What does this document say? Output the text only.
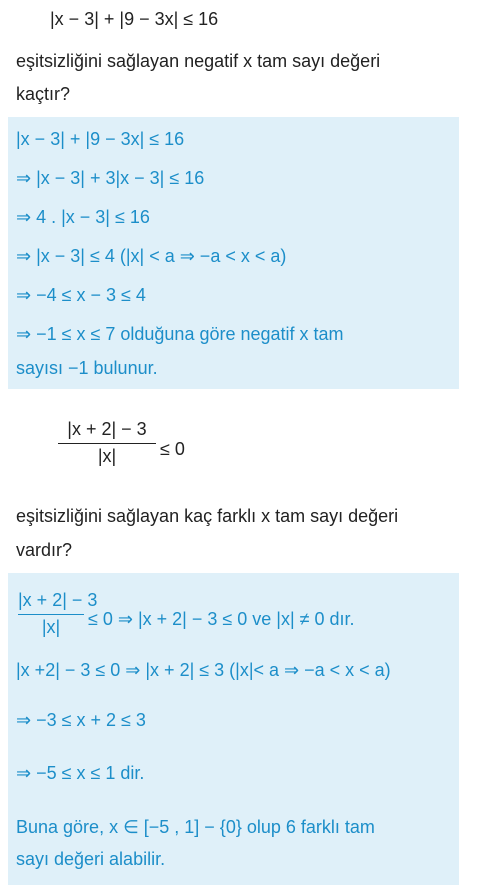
|x − 3| + |9 − 3x| ≤ 16
eşitsizliğini sağlayan negatif x tam sayı değeri
kaçtır?
|x − 3| + |9 − 3x| ≤ 16
⇒ |x − 3| + 3|x − 3| ≤ 16
⇒ 4 . |x − 3| ≤ 16
⇒ |x − 3| ≤ 4 (|x| < a ⇒ −a < x < a)
⇒ −4 ≤ x − 3 ≤ 4
⇒ −1 ≤ x ≤ 7 olduğuna göre negatif x tam
sayısı −1 bulunur.
|x + 2| − 3
|x|	≤ 0
eşitsizliğini sağlayan kaç farklı x tam sayı değeri
vardır?
|x + 2| − 3
|x|	≤ 0 ⇒ |x + 2| − 3 ≤ 0 ve |x| ≠ 0 dır.
|x +2| − 3 ≤ 0 ⇒ |x + 2| ≤ 3 (|x|< a ⇒ −a < x < a)
⇒ −3 ≤ x + 2 ≤ 3
⇒ −5 ≤ x ≤ 1 dir.
Buna göre, x ∈ [−5 , 1] − {0} olup 6 farklı tam
sayı değeri alabilir.
